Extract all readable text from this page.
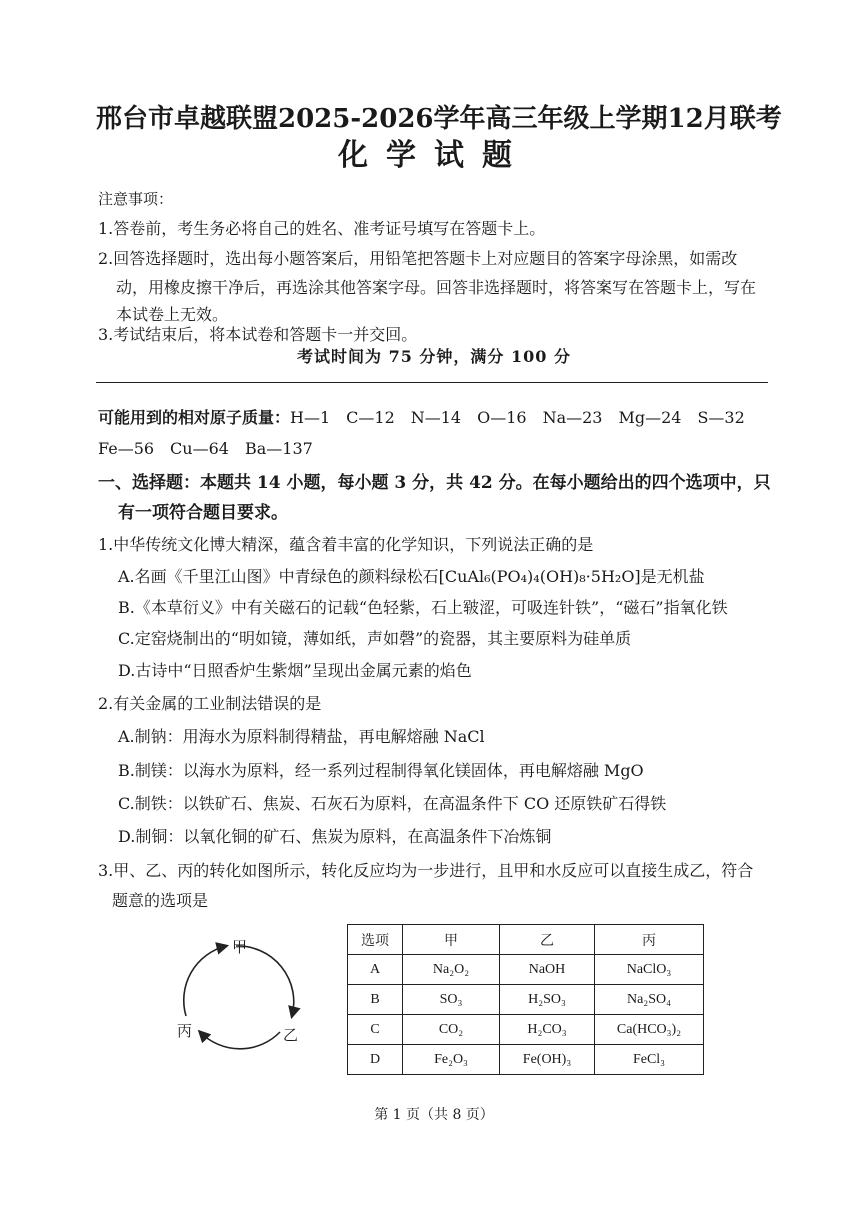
邢台市卓越联盟2025-2026学年高三年级上学期12月联考
化学试题
注意事项：
1.答卷前，考生务必将自己的姓名、准考证号填写在答题卡上。
2.回答选择题时，选出每小题答案后，用铅笔把答题卡上对应题目的答案字母涂黑，如需改
动，用橡皮擦干净后，再选涂其他答案字母。回答非选择题时，将答案写在答题卡上，写在
本试卷上无效。
3.考试结束后，将本试卷和答题卡一并交回。
考试时间为 75 分钟，满分 100 分
可能用到的相对原子质量：H—1　C—12　N—14　O—16　Na—23　Mg—24　S—32
Fe—56　Cu—64　Ba—137
一、选择题：本题共 14 小题，每小题 3 分，共 42 分。在每小题给出的四个选项中，只
有一项符合题目要求。
1.中华传统文化博大精深，蕴含着丰富的化学知识，下列说法正确的是
A.名画《千里江山图》中青绿色的颜料绿松石[CuAl₆(PO₄)₄(OH)₈·5H₂O]是无机盐
B.《本草衍义》中有关磁石的记载“色轻紫，石上皲涩，可吸连针铁”，“磁石”指氧化铁
C.定窑烧制出的“明如镜，薄如纸，声如磬”的瓷器，其主要原料为硅单质
D.古诗中“日照香炉生紫烟”呈现出金属元素的焰色
2.有关金属的工业制法错误的是
A.制钠：用海水为原料制得精盐，再电解熔融 NaCl
B.制镁：以海水为原料，经一系列过程制得氧化镁固体，再电解熔融 MgO
C.制铁：以铁矿石、焦炭、石灰石为原料，在高温条件下 CO 还原铁矿石得铁
D.制铜：以氧化铜的矿石、焦炭为原料，在高温条件下冶炼铜
3.甲、乙、丙的转化如图所示，转化反应均为一步进行，且甲和水反应可以直接生成乙，符合
题意的选项是
甲
乙
丙
选项	甲	乙	丙
A	Na₂O₂	NaOH	NaClO₃
B	SO₃	H₂SO₃	Na₂SO₄
C	CO₂	H₂CO₃	Ca(HCO₃)₂
D	Fe₂O₃	Fe(OH)₃	FeCl₃
第 1 页（共 8 页）
